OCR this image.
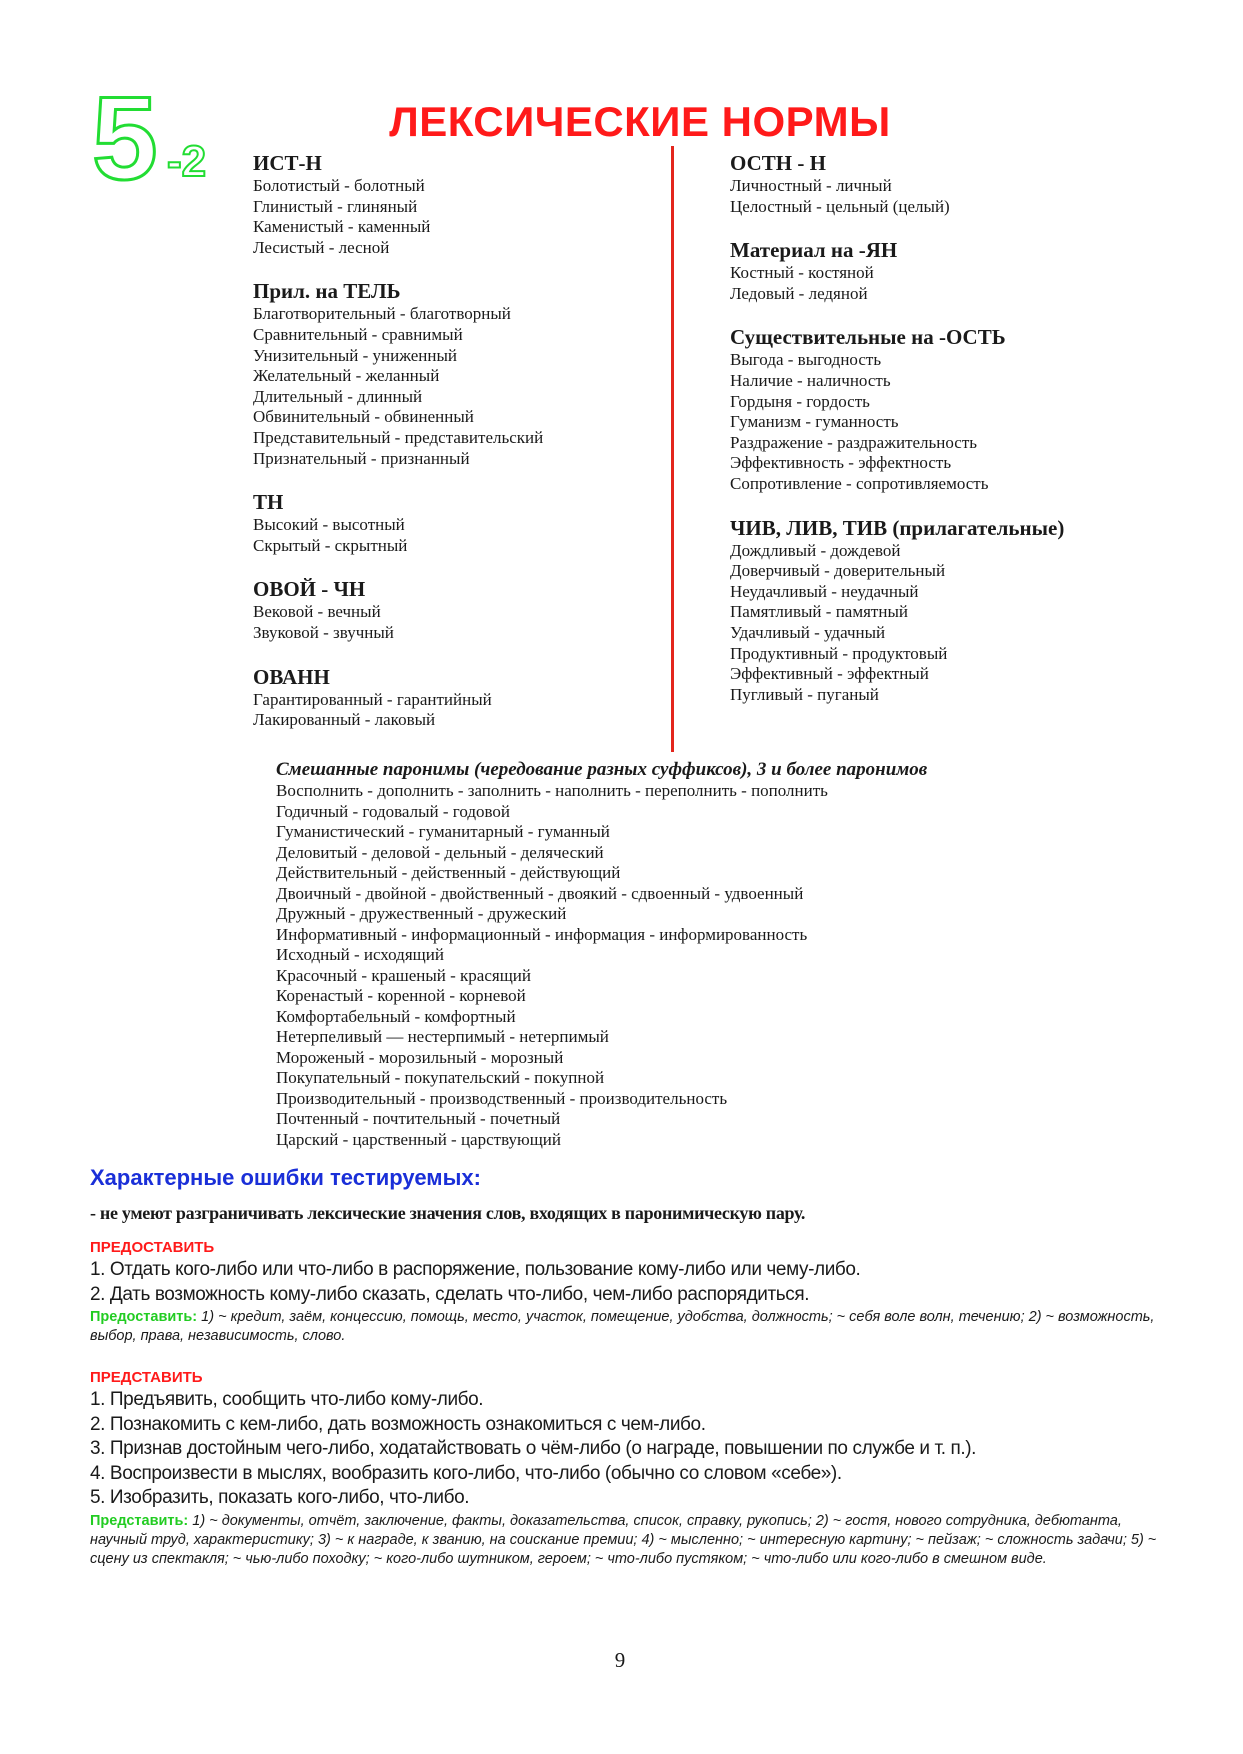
5 -2
ЛЕКСИЧЕСКИЕ НОРМЫ
ИСТ-Н
Болотистый - болотный
Глинистый - глиняный
Каменистый - каменный
Лесистый - лесной
Прил. на ТЕЛЬ
Благотворительный - благотворный
Сравнительный - сравнимый
Унизительный - униженный
Желательный - желанный
Длительный - длинный
Обвинительный - обвиненный
Представительный - представительский
Признательный - признанный
ТН
Высокий - высотный
Скрытый - скрытный
ОВОЙ - ЧН
Вековой - вечный
Звуковой - звучный
ОВАНН
Гарантированный - гарантийный
Лакированный - лаковый
ОСТН - Н
Личностный - личный
Целостный - цельный (целый)
Материал на -ЯН
Костный - костяной
Ледовый - ледяной
Существительные на -ОСТЬ
Выгода - выгодность
Наличие - наличность
Гордыня - гордость
Гуманизм - гуманность
Раздражение - раздражительность
Эффективность - эффектность
Сопротивление - сопротивляемость
ЧИВ, ЛИВ, ТИВ (прилагательные)
Дождливый - дождевой
Доверчивый - доверительный
Неудачливый - неудачный
Памятливый - памятный
Удачливый - удачный
Продуктивный - продуктовый
Эффективный - эффектный
Пугливый - пуганый
Смешанные паронимы (чередование разных суффиксов), 3 и более паронимов
Восполнить - дополнить - заполнить - наполнить - переполнить - пополнить
Годичный - годовалый - годовой
Гуманистический - гуманитарный - гуманный
Деловитый - деловой - дельный - деляческий
Действительный - действенный - действующий
Двоичный - двойной - двойственный - двоякий - сдвоенный - удвоенный
Дружный - дружественный - дружеский
Информативный - информационный - информация - информированность
Исходный - исходящий
Красочный - крашеный - красящий
Коренастый - коренной - корневой
Комфортабельный - комфортный
Нетерпеливый — нестерпимый - нетерпимый
Мороженый - морозильный - морозный
Покупательный - покупательский - покупной
Производительный - производственный - производительность
Почтенный - почтительный - почетный
Царский - царственный - царствующий
Характерные ошибки тестируемых:
- не умеют разграничивать лексические значения слов, входящих в паронимическую пару.
ПРЕДОСТАВИТЬ
1. Отдать кого-либо или что-либо в распоряжение, пользование кому-либо или чему-либо.
2. Дать возможность кому-либо сказать, сделать что-либо, чем-либо распорядиться.
Предоставить: 1) ~ кредит, заём, концессию, помощь, место, участок, помещение, удобства, должность; ~ себя воле волн, течению; 2) ~ возможность, выбор, права, независимость, слово.
ПРЕДСТАВИТЬ
1. Предъявить, сообщить что-либо кому-либо.
2. Познакомить с кем-либо, дать возможность ознакомиться с чем-либо.
3. Признав достойным чего-либо, ходатайствовать о чём-либо (о награде, повышении по службе и т. п.).
4. Воспроизвести в мыслях, вообразить кого-либо, что-либо (обычно со словом «себе»).
5. Изобразить, показать кого-либо, что-либо.
Представить: 1) ~ документы, отчёт, заключение, факты, доказательства, список, справку, рукопись; 2) ~ гостя, нового сотрудника, дебютанта, научный труд, характеристику; 3) ~ к награде, к званию, на соискание премии; 4) ~ мысленно; ~ интересную картину; ~ пейзаж; ~ сложность задачи; 5) ~ сцену из спектакля; ~ чью-либо походку; ~ кого-либо шутником, героем; ~ что-либо пустяком; ~ что-либо или кого-либо в смешном виде.
9
